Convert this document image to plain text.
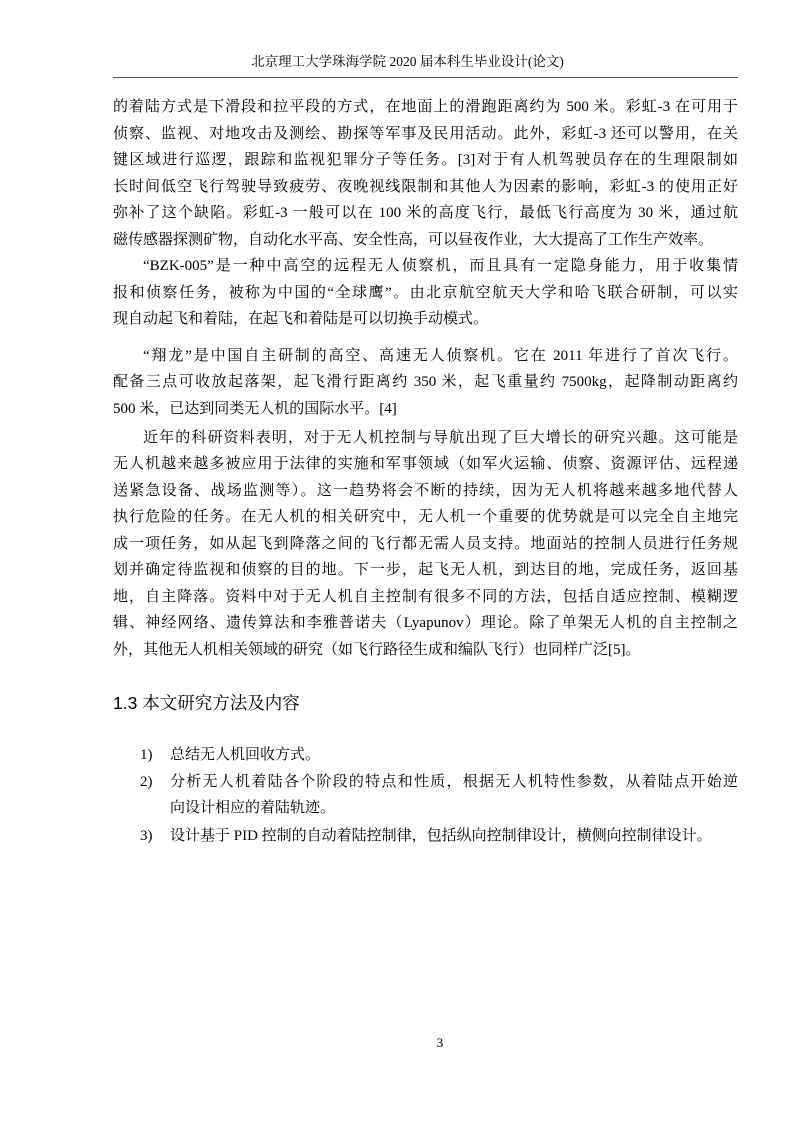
北京理工大学珠海学院 2020 届本科生毕业设计(论文)
的着陆方式是下滑段和拉平段的方式，在地面上的滑跑距离约为 500 米。彩虹-3 在可用于
侦察、监视、对地攻击及测绘、勘探等军事及民用活动。此外，彩虹-3 还可以警用，在关
键区域进行巡逻，跟踪和监视犯罪分子等任务。[3]对于有人机驾驶员存在的生理限制如
长时间低空飞行驾驶导致疲劳、夜晚视线限制和其他人为因素的影响，彩虹-3 的使用正好
弥补了这个缺陷。彩虹-3 一般可以在 100 米的高度飞行，最低飞行高度为 30 米，通过航
磁传感器探测矿物，自动化水平高、安全性高，可以昼夜作业，大大提高了工作生产效率。
“BZK-005”是一种中高空的远程无人侦察机，而且具有一定隐身能力，用于收集情
报和侦察任务，被称为中国的“全球鹰”。由北京航空航天大学和哈飞联合研制，可以实
现自动起飞和着陆，在起飞和着陆是可以切换手动模式。
“翔龙”是中国自主研制的高空、高速无人侦察机。它在 2011 年进行了首次飞行。
配备三点可收放起落架，起飞滑行距离约 350 米，起飞重量约 7500kg，起降制动距离约
500 米，已达到同类无人机的国际水平。[4]
近年的科研资料表明，对于无人机控制与导航出现了巨大增长的研究兴趣。这可能是
无人机越来越多被应用于法律的实施和军事领域（如军火运输、侦察、资源评估、远程递
送紧急设备、战场监测等）。这一趋势将会不断的持续，因为无人机将越来越多地代替人
执行危险的任务。在无人机的相关研究中，无人机一个重要的优势就是可以完全自主地完
成一项任务，如从起飞到降落之间的飞行都无需人员支持。地面站的控制人员进行任务规
划并确定待监视和侦察的目的地。下一步，起飞无人机，到达目的地，完成任务，返回基
地，自主降落。资料中对于无人机自主控制有很多不同的方法，包括自适应控制、模糊逻
辑、神经网络、遗传算法和李雅普诺夫（Lyapunov）理论。除了单架无人机的自主控制之
外，其他无人机相关领域的研究（如飞行路径生成和编队飞行）也同样广泛[5]。
1.3 本文研究方法及内容
1) 总结无人机回收方式。
2) 分析无人机着陆各个阶段的特点和性质，根据无人机特性参数，从着陆点开始逆
向设计相应的着陆轨迹。
3) 设计基于 PID 控制的自动着陆控制律，包括纵向控制律设计，横侧向控制律设计。
3
